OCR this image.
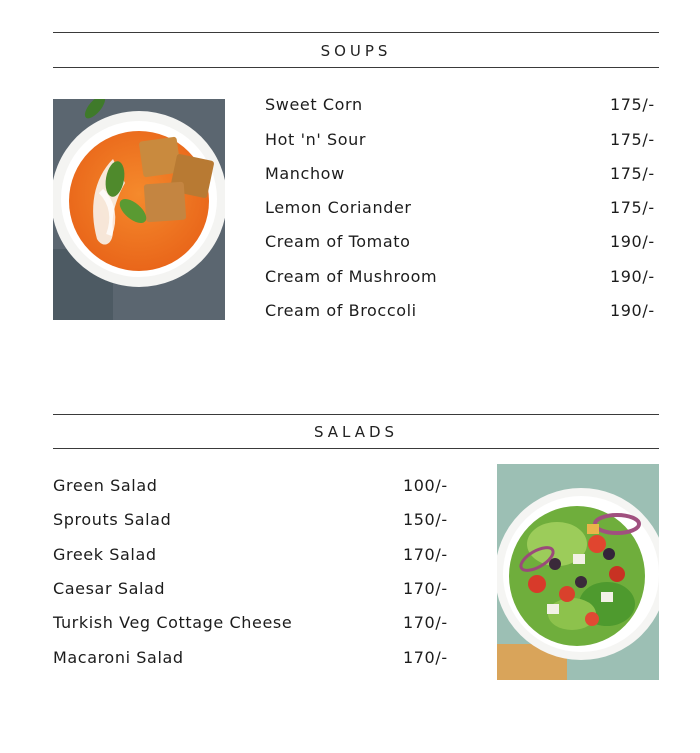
SOUPS
Sweet Corn	175/-
Hot 'n' Sour	175/-
Manchow	175/-
Lemon Coriander	175/-
Cream of Tomato	190/-
Cream of Mushroom	190/-
Cream of Broccoli	190/-
SALADS
Green Salad	100/-
Sprouts Salad	150/-
Greek Salad	170/-
Caesar Salad	170/-
Turkish Veg Cottage Cheese	170/-
Macaroni Salad	170/-
